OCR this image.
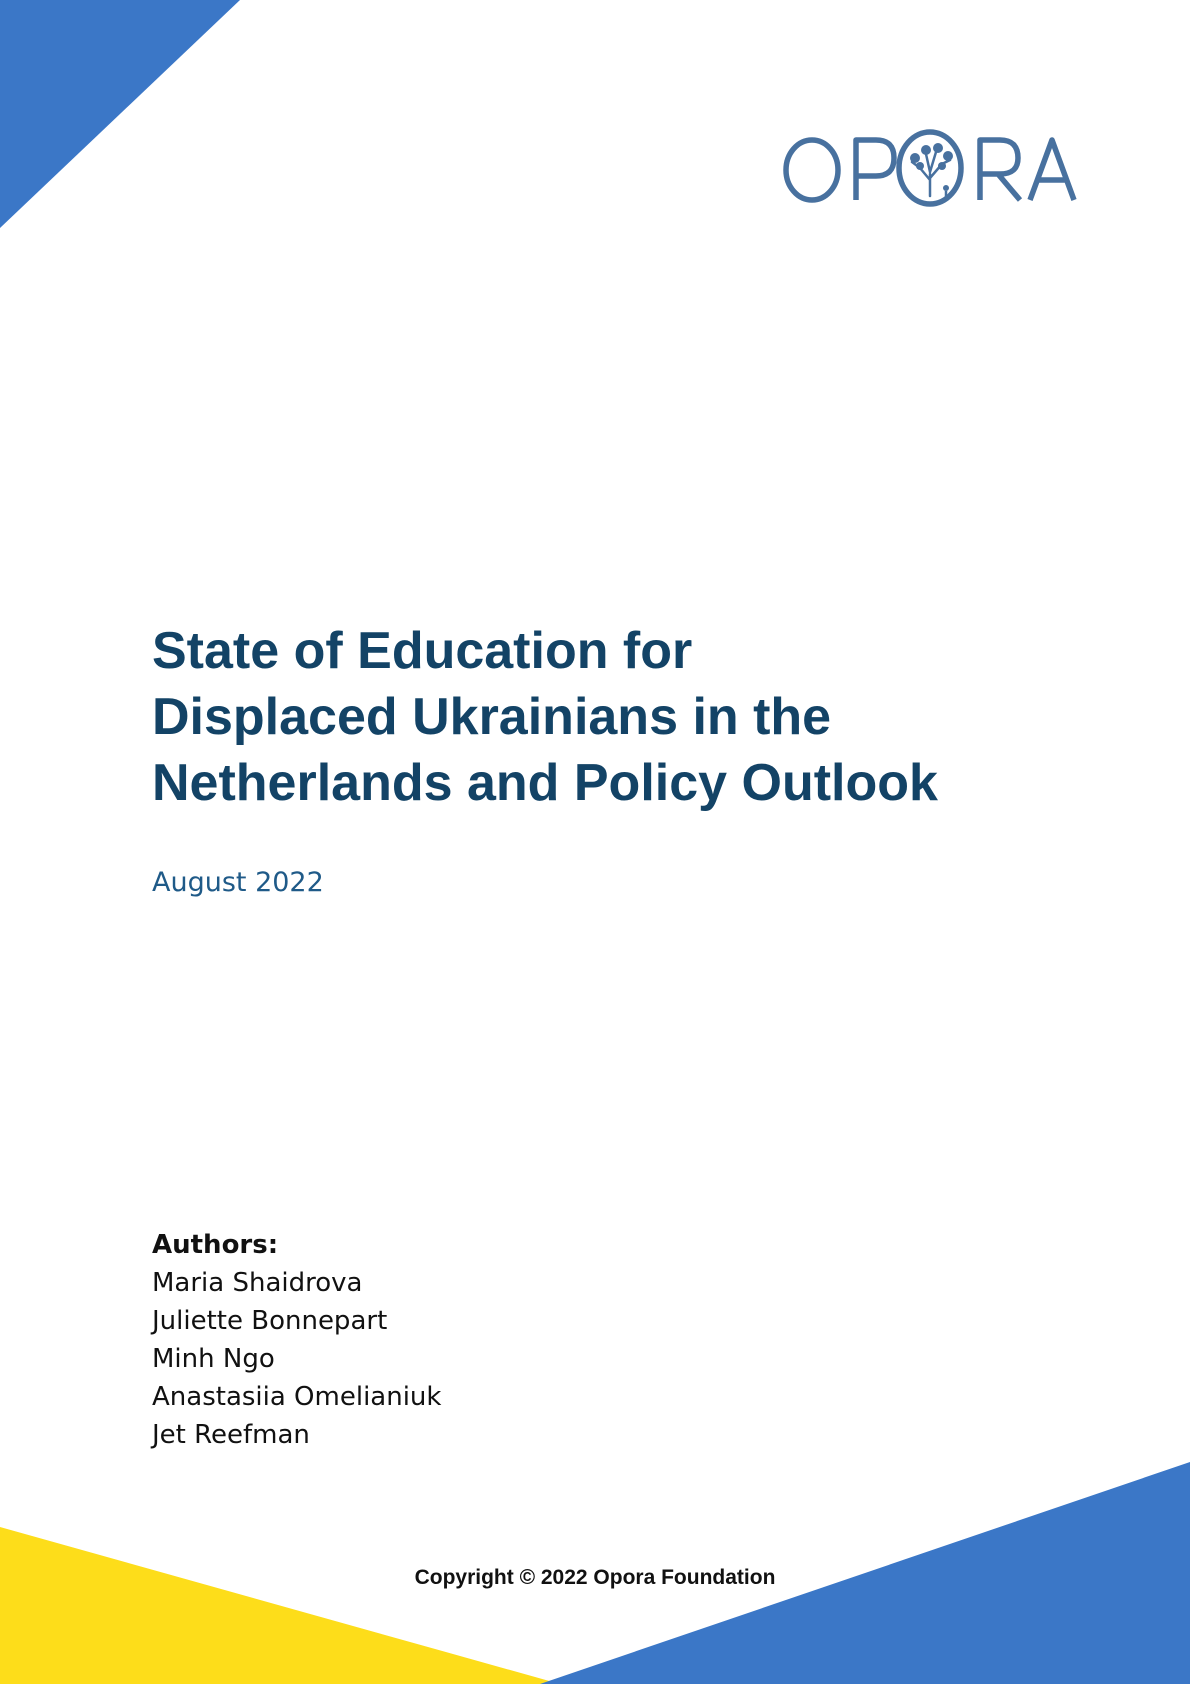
State of Education for
Displaced Ukrainians in the
Netherlands and Policy Outlook

August 2022

Authors:

Maria Shaidrova
Juliette Bonnepart
Minh Ngo
Anastasiia Omelianiuk
Jet Reefman
Copyright © 2022 Opora Foundation
